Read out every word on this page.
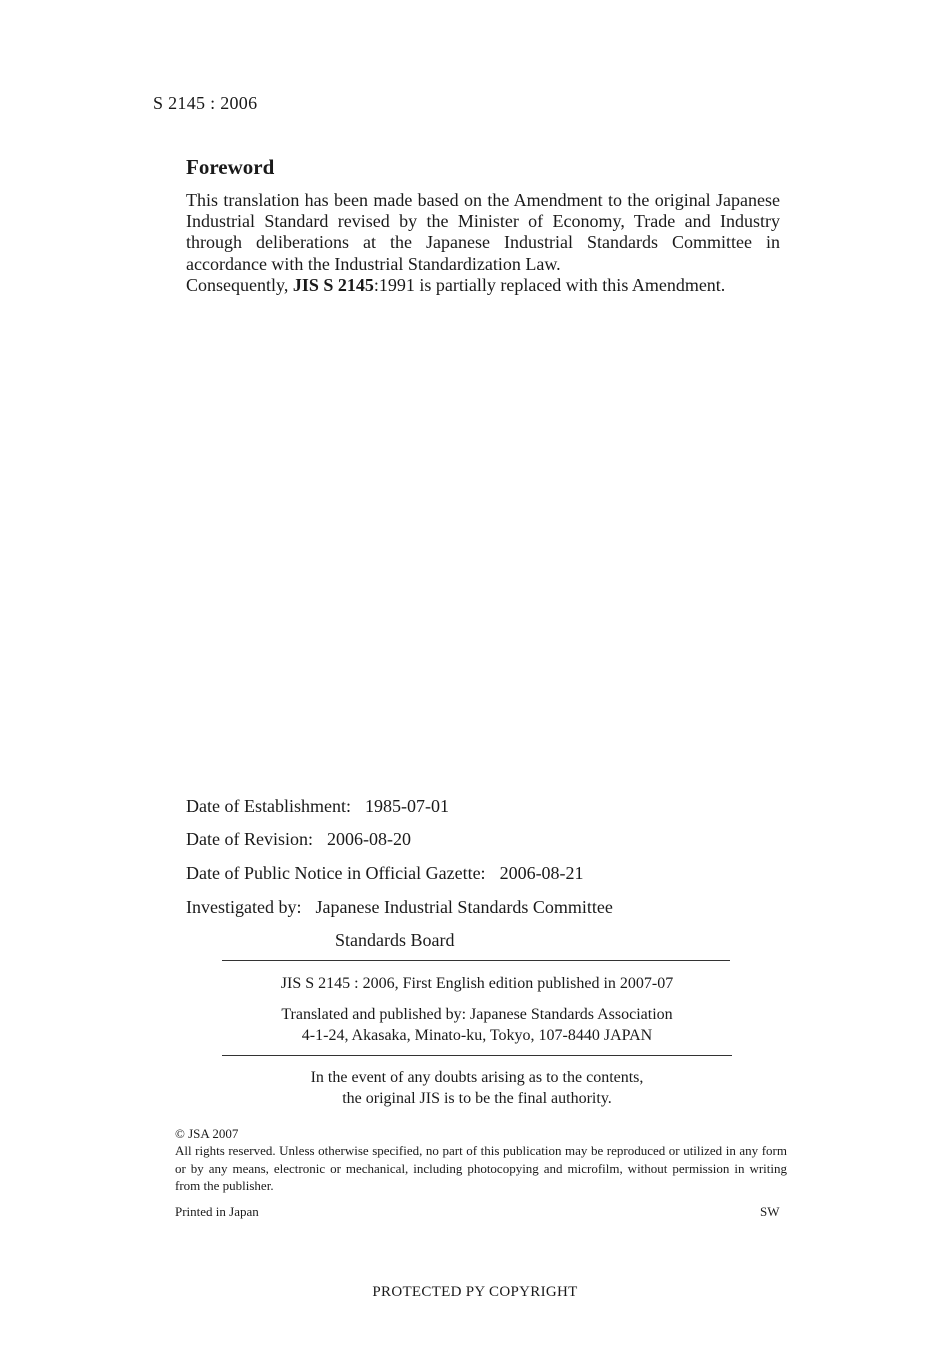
S 2145 : 2006
Foreword

This translation has been made based on the Amendment to the original Japanese Industrial Standard revised by the Minister of Economy, Trade and Industry through deliberations at the Japanese Industrial Standards Committee in accordance with the Industrial Standardization Law.

Consequently, JIS S 2145:1991 is partially replaced with this Amendment.

Date of Establishment: 1985-07-01
Date of Revision: 2006-08-20
Date of Public Notice in Official Gazette: 2006-08-21
Investigated by: Japanese Industrial Standards Committee
Standards Board
JIS S 2145 : 2006, First English edition published in 2007-07
Translated and published by: Japanese Standards Association
4-1-24, Akasaka, Minato-ku, Tokyo, 107-8440 JAPAN
In the event of any doubts arising as to the contents,
the original JIS is to be the final authority.
© JSA 2007
All rights reserved. Unless otherwise specified, no part of this publication may be reproduced or utilized in any form or by any means, electronic or mechanical, including photocopying and microfilm, without permission in writing from the publisher.
Printed in Japan	SW
PROTECTED PY COPYRIGHT
